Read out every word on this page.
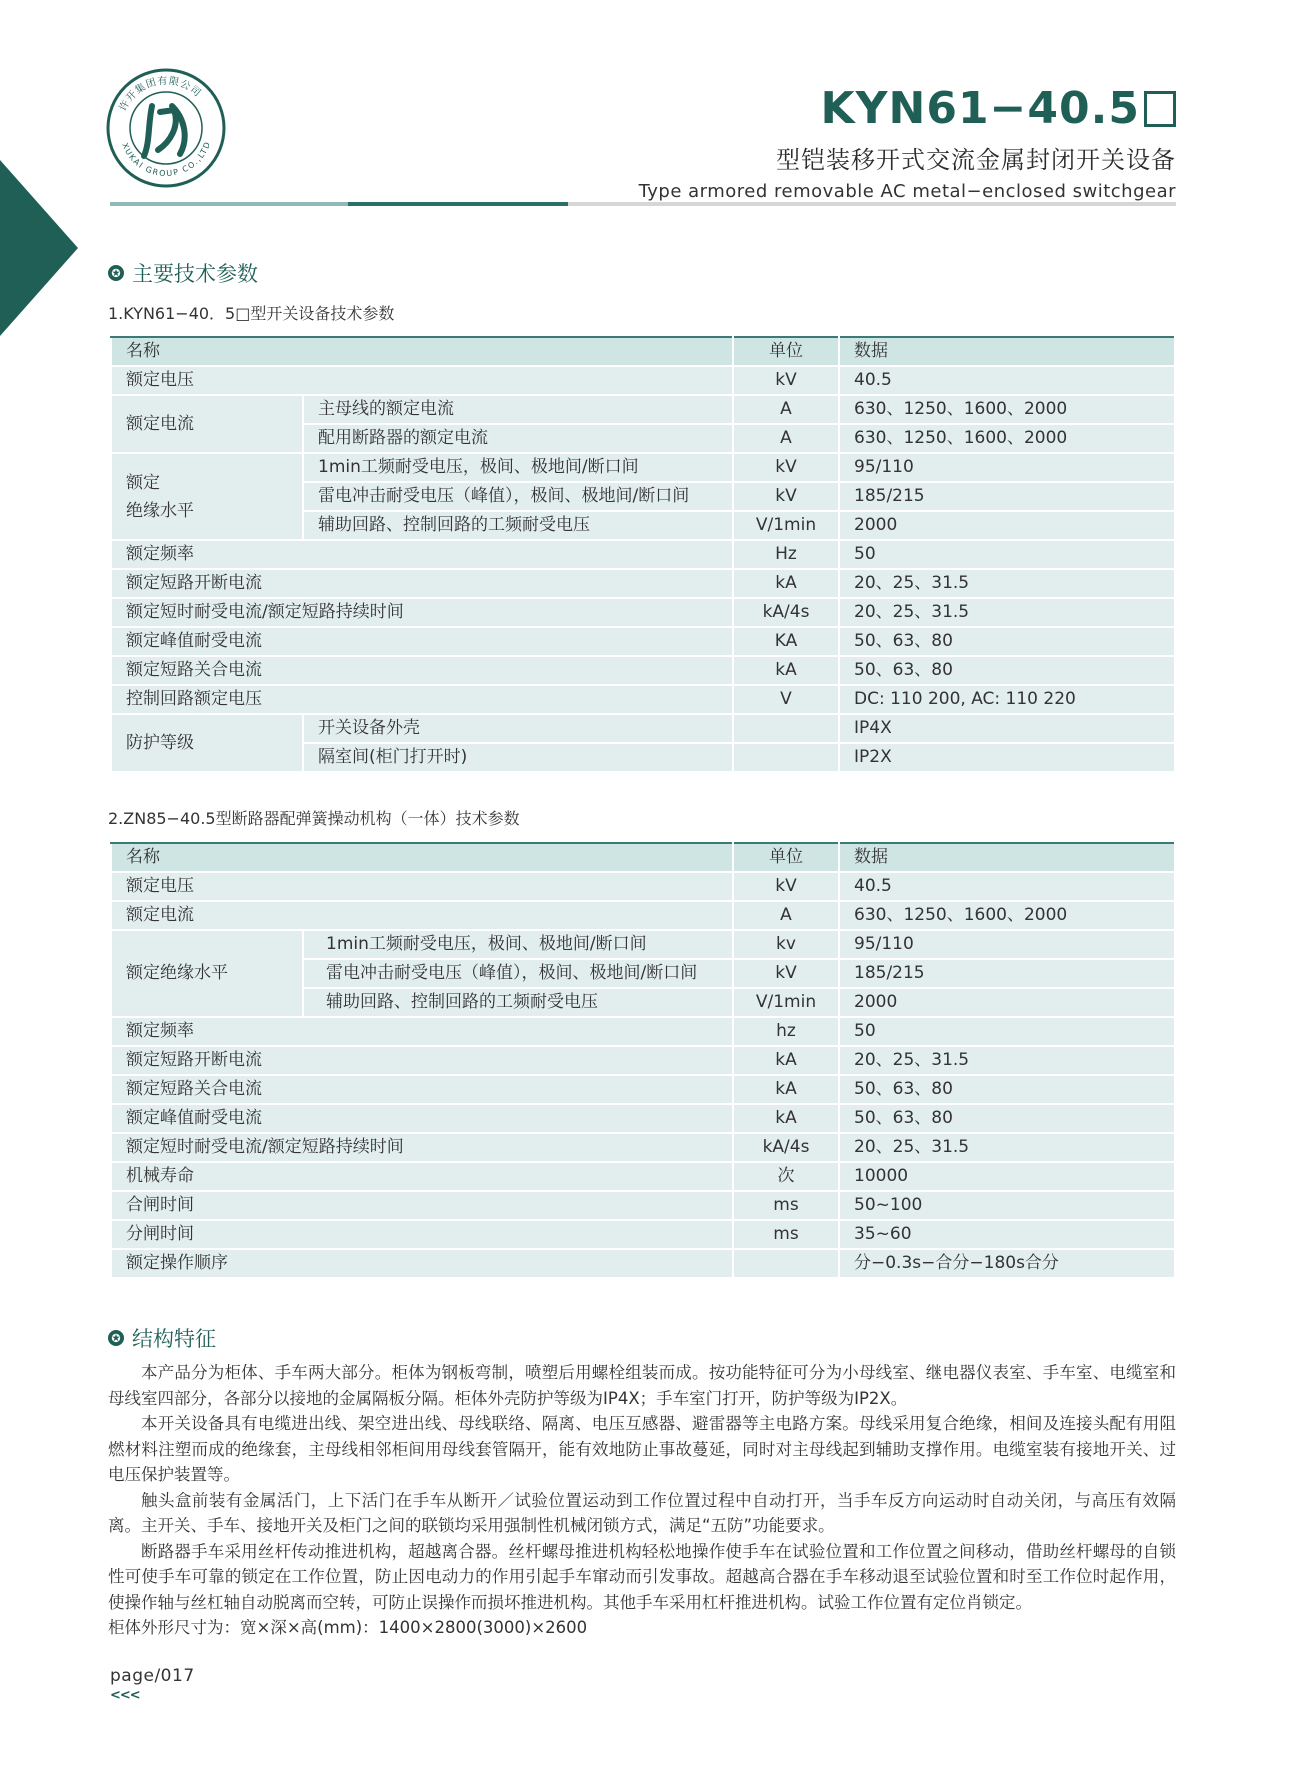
许开集团有限公司
XUKAI GROUP CO.,LTD
KYN61−40.5
型铠装移开式交流金属封闭开关设备
Type armored removable AC metal−enclosed switchgear
✪ 主要技术参数
1.KYN61−40．5□型开关设备技术参数
名称		单位	数据
额定电压		kV	40.5
额定电流	主母线的额定电流	A	630、1250、1600、2000
	配用断路器的额定电流	A	630、1250、1600、2000

额定
绝缘水平	1min工频耐受电压，极间、极地间/断口间	kV	95/110
	雷电冲击耐受电压（峰值），极间、极地间/断口间	kV	185/215
	辅助回路、控制回路的工频耐受电压	V/1min	2000
额定频率		Hz	50
额定短路开断电流		kA	20、25、31.5
额定短时耐受电流/额定短路持续时间		kA/4s	20、25、31.5
额定峰值耐受电流		KA	50、63、80
额定短路关合电流		kA	50、63、80
控制回路额定电压		V	DC: 110 200, AC: 110 220
防护等级	开关设备外壳		IP4X
	隔室间(柜门打开时)		IP2X
2.ZN85−40.5型断路器配弹簧操动机构（一体）技术参数
名称		单位	数据
额定电压		kV	40.5
额定电流		A	630、1250、1600、2000
额定绝缘水平	1min工频耐受电压，极间、极地间/断口间	kv	95/110
	雷电冲击耐受电压（峰值），极间、极地间/断口间	kV	185/215
	辅助回路、控制回路的工频耐受电压	V/1min	2000
额定频率		hz	50
额定短路开断电流		kA	20、25、31.5
额定短路关合电流		kA	50、63、80
额定峰值耐受电流		kA	50、63、80
额定短时耐受电流/额定短路持续时间		kA/4s	20、25、31.5
机械寿命		次	10000
合闸时间		ms	50~100
分闸时间		ms	35~60
额定操作顺序			分−0.3s−合分−180s合分
✪ 结构特征

本产品分为柜体、手车两大部分。柜体为钢板弯制，喷塑后用螺栓组装而成。按功能特征可分为小母线室、继电器仪表室、手车室、电缆室和母线室四部分，各部分以接地的金属隔板分隔。柜体外壳防护等级为IP4X；手车室门打开，防护等级为IP2X。

本开关设备具有电缆进出线、架空进出线、母线联络、隔离、电压互感器、避雷器等主电路方案。母线采用复合绝缘，相间及连接头配有用阻燃材料注塑而成的绝缘套，主母线相邻柜间用母线套管隔开，能有效地防止事故蔓延，同时对主母线起到辅助支撑作用。电缆室装有接地开关、过电压保护装置等。

触头盒前装有金属活门，上下活门在手车从断开／试验位置运动到工作位置过程中自动打开，当手车反方向运动时自动关闭，与高压有效隔离。主开关、手车、接地开关及柜门之间的联锁均采用强制性机械闭锁方式，满足“五防”功能要求。

断路器手车采用丝杆传动推进机构，超越离合器。丝杆螺母推进机构轻松地操作使手车在试验位置和工作位置之间移动，借助丝杆螺母的自锁性可使手车可靠的锁定在工作位置，防止因电动力的作用引起手车窜动而引发事故。超越高合器在手车移动退至试验位置和时至工作位时起作用，使操作轴与丝杠轴自动脱离而空转，可防止误操作而损坏推进机构。其他手车采用杠杆推进机构。试验工作位置有定位肖锁定。

柜体外形尺寸为：宽×深×高(mm)：1400×2800(3000)×2600

page/017
<<<
